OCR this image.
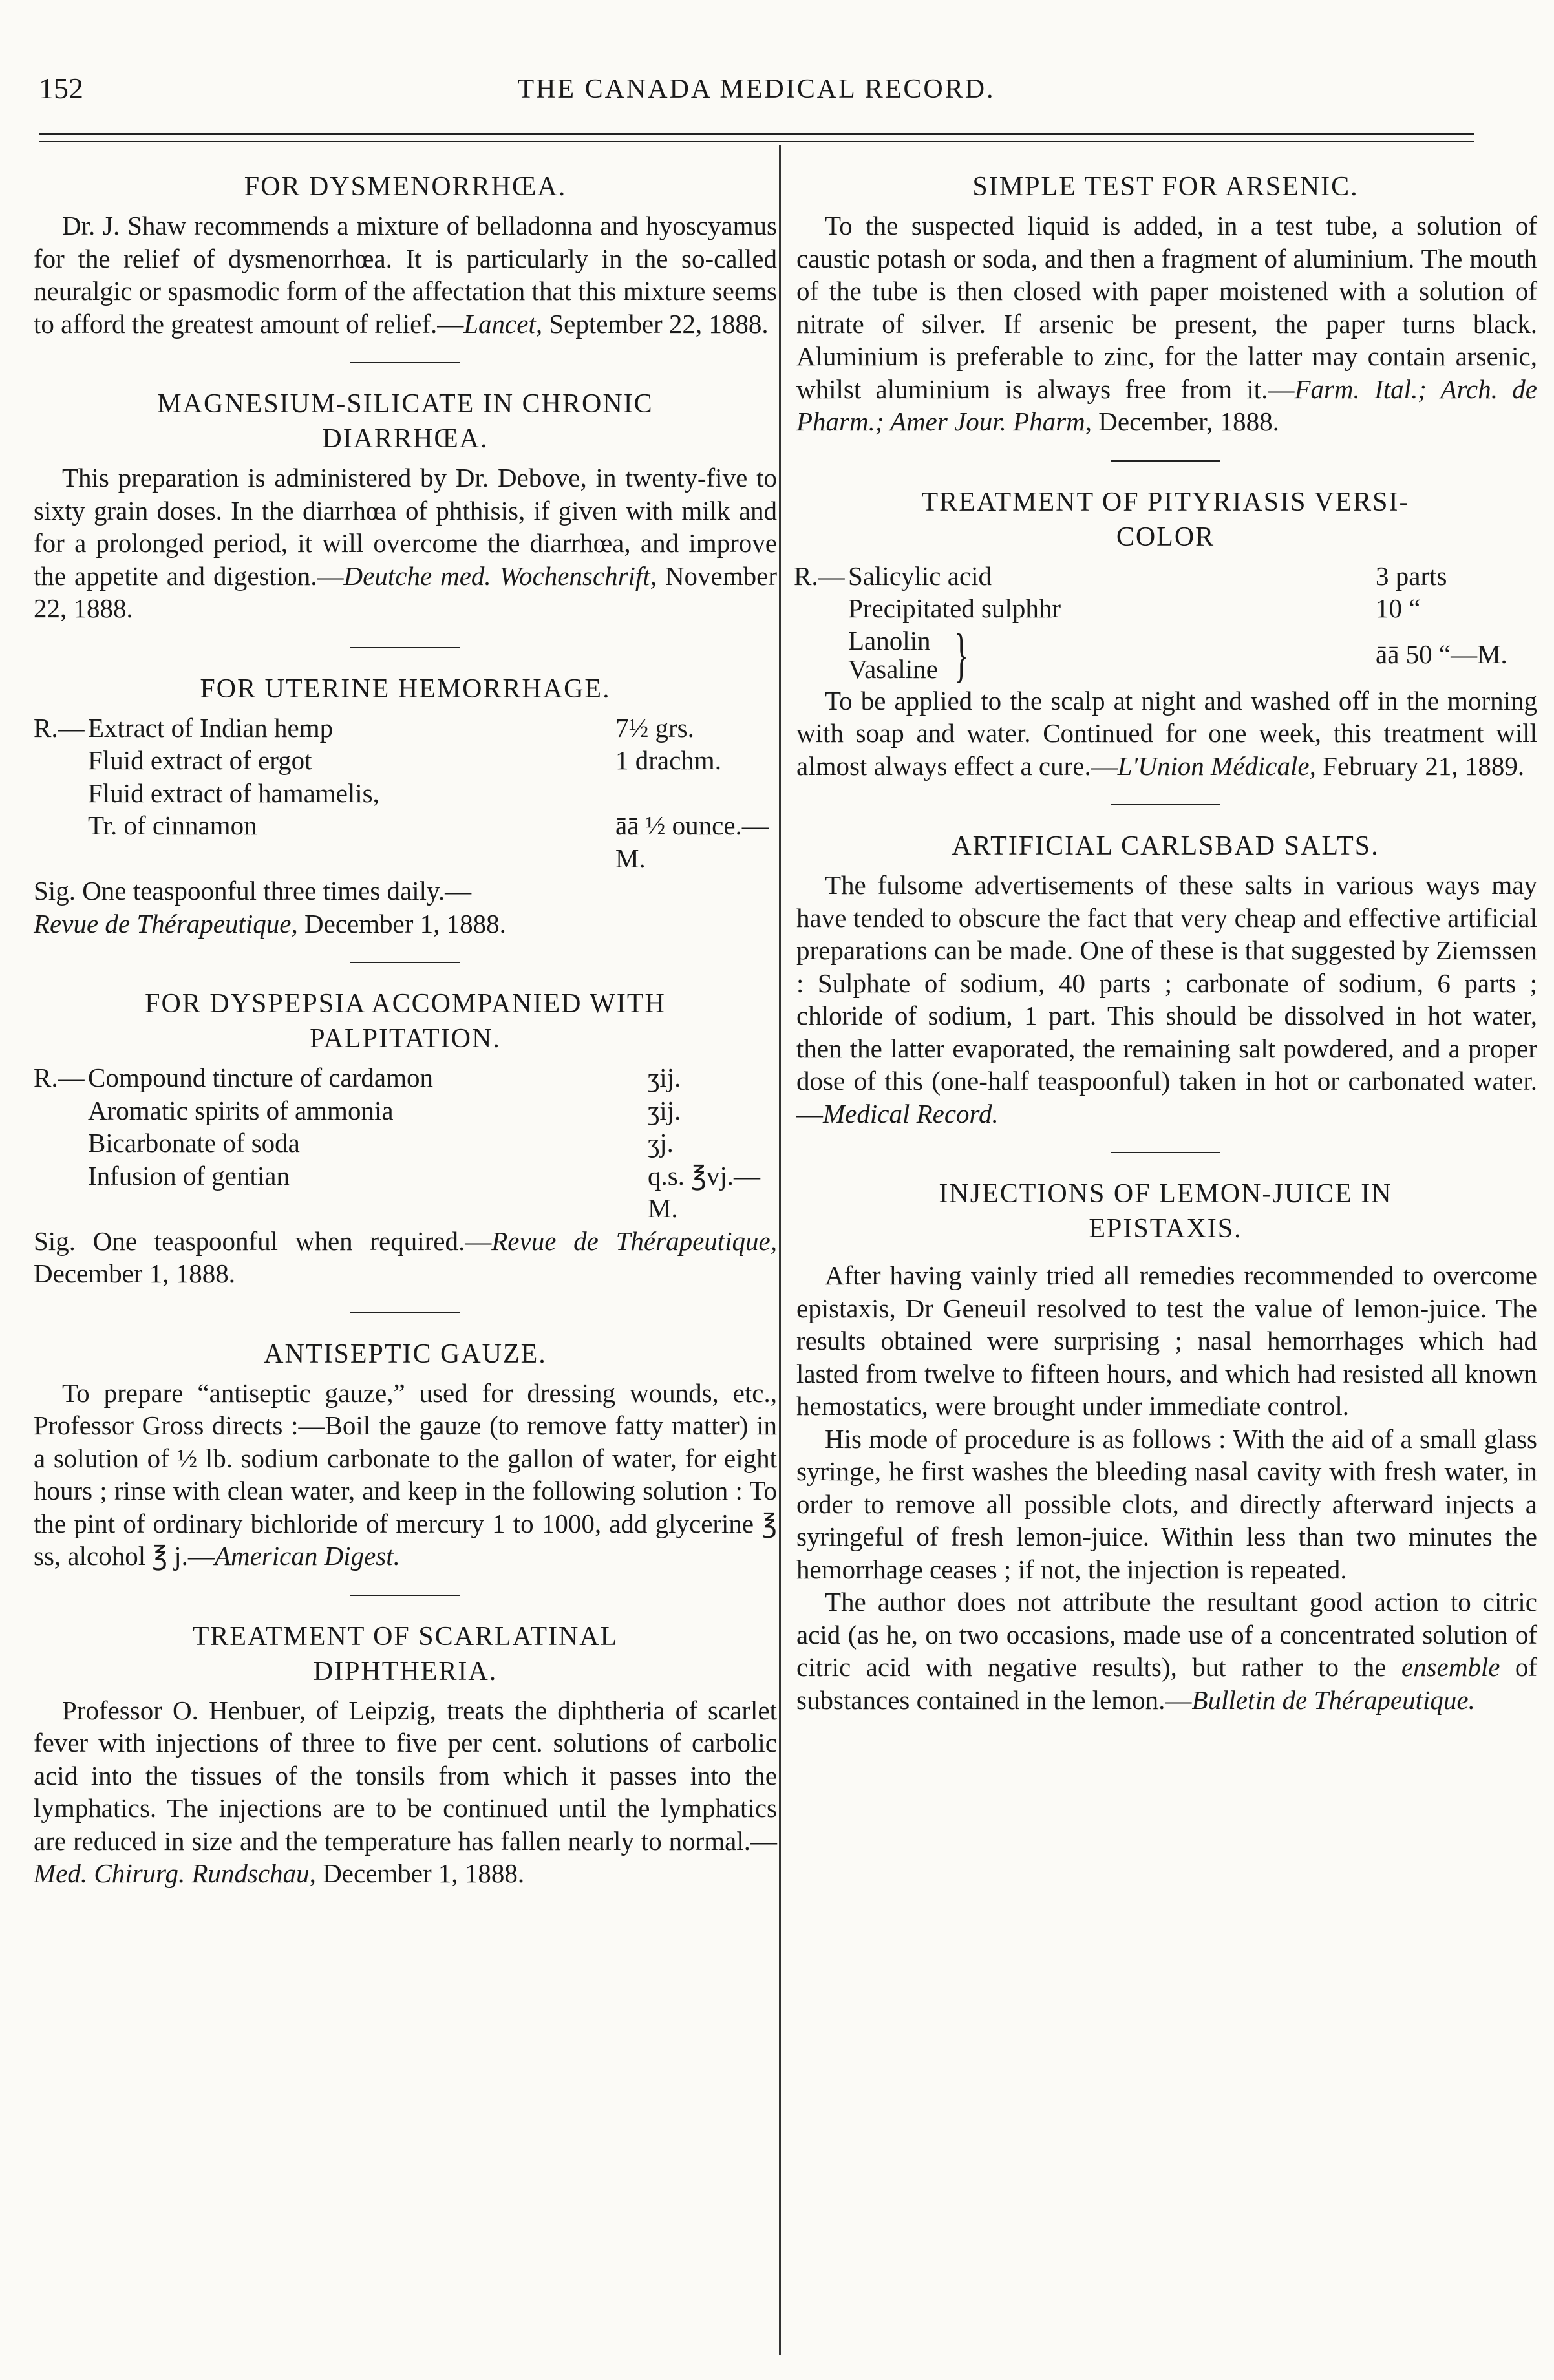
152	THE CANADA MEDICAL RECORD.
FOR DYSMENORRHŒA.

Dr. J. Shaw recommends a mixture of belladonna and hyoscyamus for the relief of dysmenorrhœa. It is particularly in the so-called neuralgic or spasmodic form of the affectation that this mixture seems to afford the greatest amount of relief.—Lancet, September 22, 1888.

MAGNESIUM-SILICATE IN CHRONIC
DIARRHŒA.

This preparation is administered by Dr. Debove, in twenty-five to sixty grain doses. In the diarrhœa of phthisis, if given with milk and for a prolonged period, it will overcome the diarrhœa, and improve the appetite and digestion.—Deutche med. Wochenschrift, November 22, 1888.

FOR UTERINE HEMORRHAGE.
R.— Extract of Indian hemp	7½ grs.
Fluid extract of ergot	1 drachm.
Fluid extract of hamamelis,
Tr. of cinnamon	āā ½ ounce.—M.

Sig. One teaspoonful three times daily.—
Revue de Thérapeutique, December 1, 1888.

FOR DYSPEPSIA ACCOMPANIED WITH
PALPITATION.
R.— Compound tincture of cardamon	ʒij.
Aromatic spirits of ammonia	ʒij.
Bicarbonate of soda	ʒj.
Infusion of gentian	q.s. ℥vj.—M.

Sig. One teaspoonful when required.—Revue de Thérapeutique, December 1, 1888.

ANTISEPTIC GAUZE.

To prepare “antiseptic gauze,” used for dressing wounds, etc., Professor Gross directs :—Boil the gauze (to remove fatty matter) in a solution of ½ lb. sodium carbonate to the gallon of water, for eight hours ; rinse with clean water, and keep in the following solution : To the pint of ordinary bichloride of mercury 1 to 1000, add glycerine ℥ ss, alcohol ℥ j.—American Digest.

TREATMENT OF SCARLATINAL
DIPHTHERIA.

Professor O. Henbuer, of Leipzig, treats the diphtheria of scarlet fever with injections of three to five per cent. solutions of carbolic acid into the tissues of the tonsils from which it passes into the lymphatics. The injections are to be continued until the lymphatics are reduced in size and the temperature has fallen nearly to normal.—Med. Chirurg. Rundschau, December 1, 1888.

SIMPLE TEST FOR ARSENIC.

To the suspected liquid is added, in a test tube, a solution of caustic potash or soda, and then a fragment of aluminium. The mouth of the tube is then closed with paper moistened with a solution of nitrate of silver. If arsenic be present, the paper turns black. Aluminium is preferable to zinc, for the latter may contain arsenic, whilst aluminium is always free from it.—Farm. Ital.; Arch. de Pharm.; Amer Jour. Pharm, December, 1888.

TREATMENT OF PITYRIASIS VERSI-
COLOR
R.— Salicylic acid	3 parts
Precipitated sulphhr	10 “
Lanolin
Vasaline }	āā 50 “—M.

To be applied to the scalp at night and washed off in the morning with soap and water. Continued for one week, this treatment will almost always effect a cure.—L'Union Médicale, February 21, 1889.

ARTIFICIAL CARLSBAD SALTS.

The fulsome advertisements of these salts in various ways may have tended to obscure the fact that very cheap and effective artificial preparations can be made. One of these is that suggested by Ziemssen : Sulphate of sodium, 40 parts ; carbonate of sodium, 6 parts ; chloride of sodium, 1 part. This should be dissolved in hot water, then the latter evaporated, the remaining salt powdered, and a proper dose of this (one-half teaspoonful) taken in hot or carbonated water.—Medical Record.

INJECTIONS OF LEMON-JUICE IN
EPISTAXIS.

After having vainly tried all remedies recommended to overcome epistaxis, Dr Geneuil resolved to test the value of lemon-juice. The results obtained were surprising ; nasal hemorrhages which had lasted from twelve to fifteen hours, and which had resisted all known hemostatics, were brought under immediate control.

His mode of procedure is as follows : With the aid of a small glass syringe, he first washes the bleeding nasal cavity with fresh water, in order to remove all possible clots, and directly afterward injects a syringeful of fresh lemon-juice. Within less than two minutes the hemorrhage ceases ; if not, the injection is repeated.

The author does not attribute the resultant good action to citric acid (as he, on two occasions, made use of a concentrated solution of citric acid with negative results), but rather to the ensemble of substances contained in the lemon.—Bulletin de Thérapeutique.
